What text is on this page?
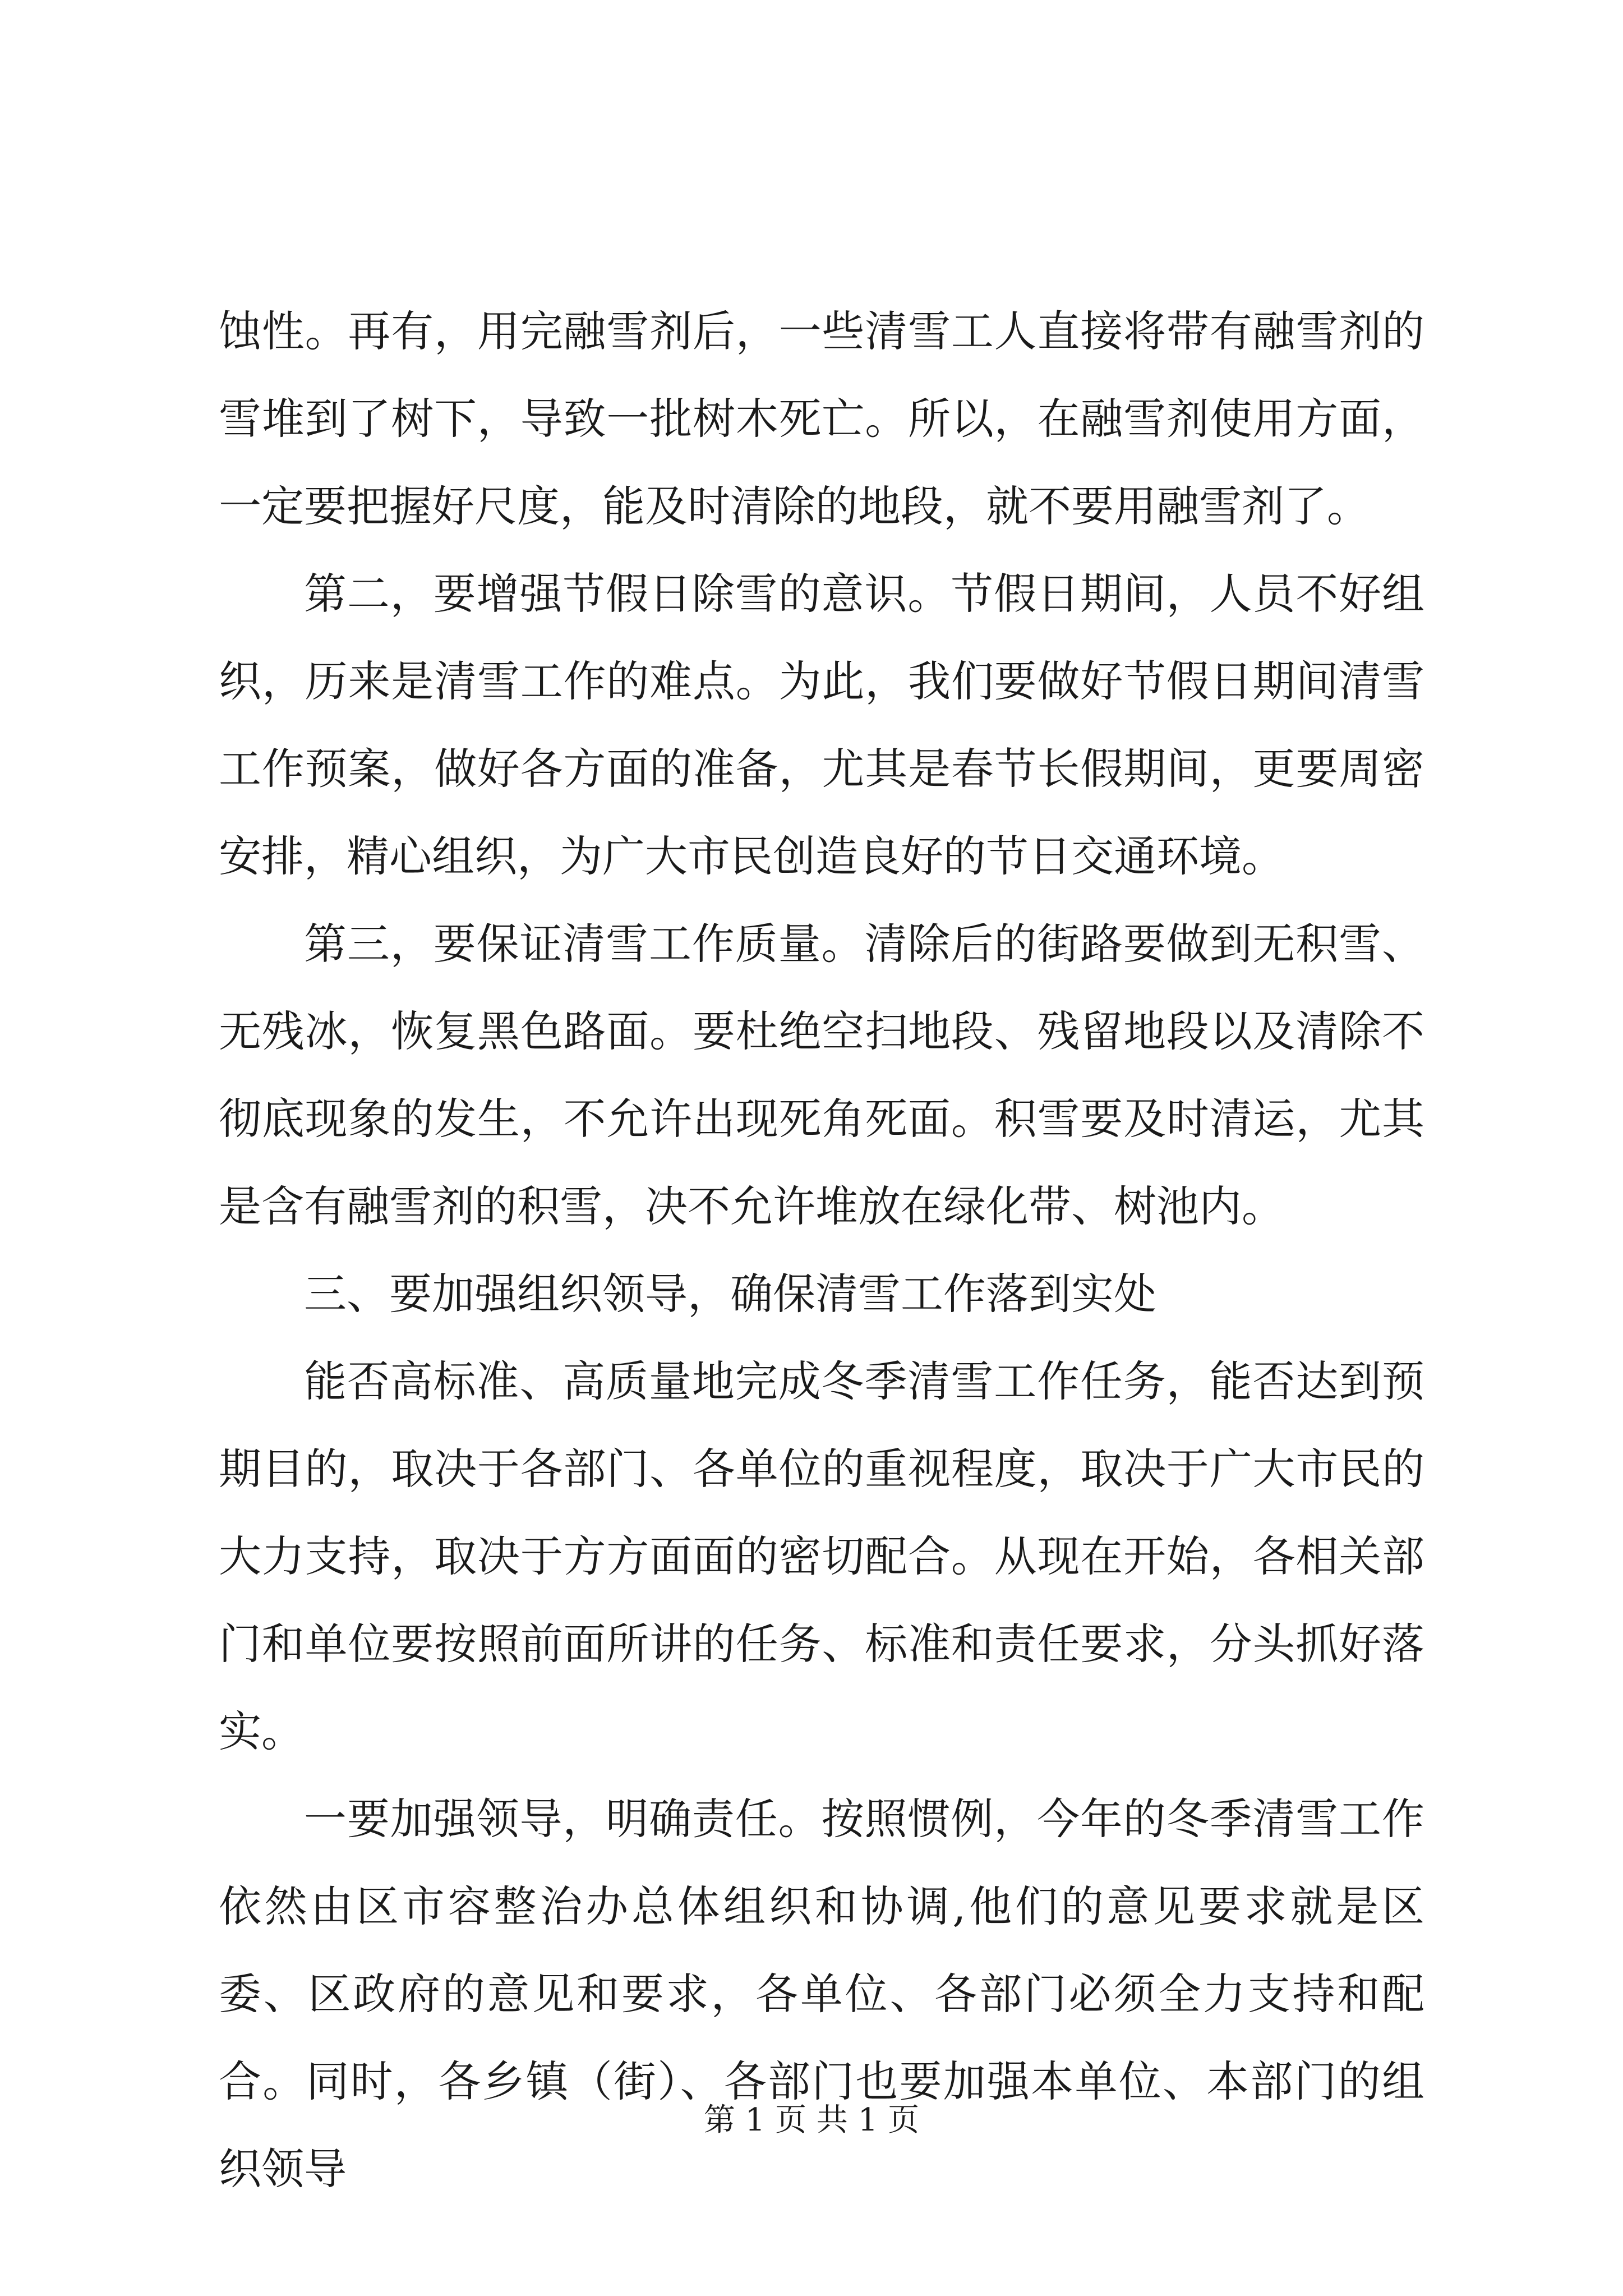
蚀性。再有，用完融雪剂后，一些清雪工人直接将带有融雪剂的雪堆到了树下，导致一批树木死亡。所以，在融雪剂使用方面，一定要把握好尺度，能及时清除的地段，就不要用融雪剂了。

第二，要增强节假日除雪的意识。节假日期间，人员不好组织，历来是清雪工作的难点。为此，我们要做好节假日期间清雪工作预案，做好各方面的准备，尤其是春节长假期间，更要周密安排，精心组织，为广大市民创造良好的节日交通环境。

第三，要保证清雪工作质量。清除后的街路要做到无积雪、无残冰，恢复黑色路面。要杜绝空扫地段、残留地段以及清除不彻底现象的发生，不允许出现死角死面。积雪要及时清运，尤其是含有融雪剂的积雪，决不允许堆放在绿化带、树池内。

三、要加强组织领导，确保清雪工作落到实处

能否高标准、高质量地完成冬季清雪工作任务，能否达到预期目的，取决于各部门、各单位的重视程度，取决于广大市民的大力支持，取决于方方面面的密切配合。从现在开始，各相关部门和单位要按照前面所讲的任务、标准和责任要求，分头抓好落实。

一要加强领导，明确责任。按照惯例，今年的冬季清雪工作依然由区市容整治办总体组织和协调,他们的意见要求就是区委、区政府的意见和要求，各单位、各部门必须全力支持和配合。同时，各乡镇（街）、各部门也要加强本单位、本部门的组织领导

第 1 页 共 1 页
